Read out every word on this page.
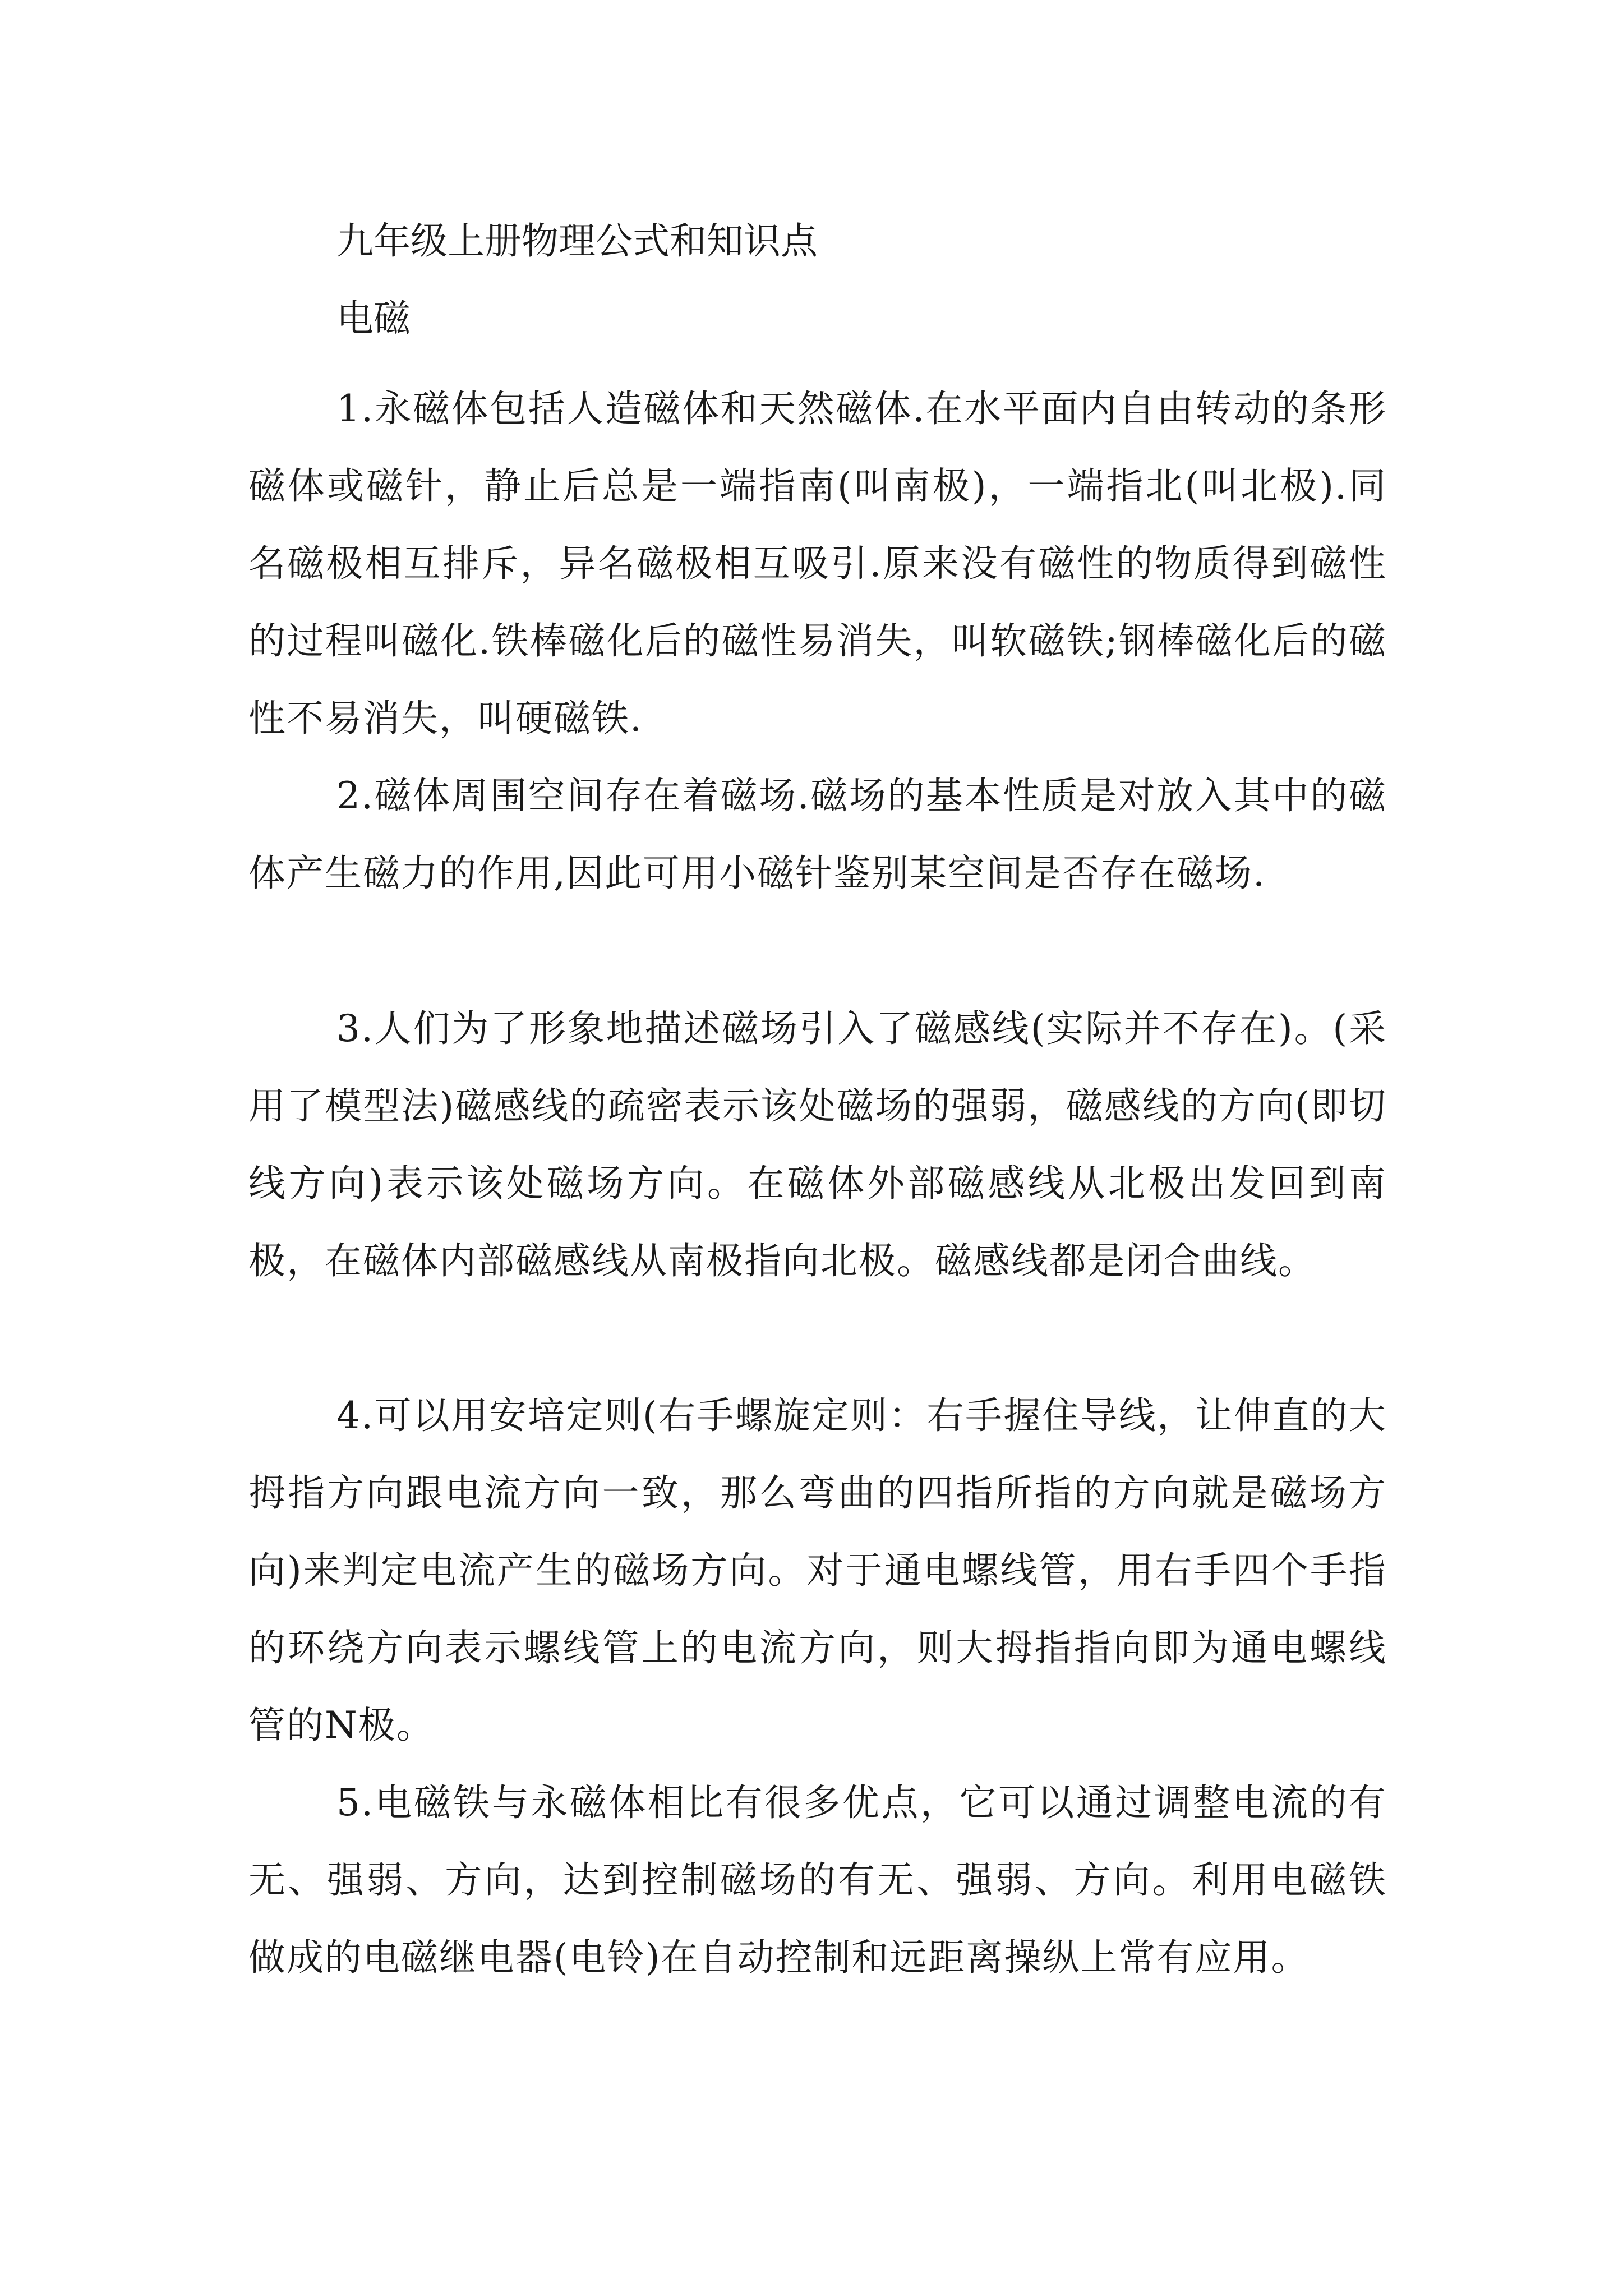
九年级上册物理公式和知识点
电磁

1.永磁体包括人造磁体和天然磁体.在水平面内自由转动的条形磁体或磁针，静止后总是一端指南(叫南极)，一端指北(叫北极).同名磁极相互排斥，异名磁极相互吸引.原来没有磁性的物质得到磁性的过程叫磁化.铁棒磁化后的磁性易消失，叫软磁铁;钢棒磁化后的磁性不易消失，叫硬磁铁.

2.磁体周围空间存在着磁场.磁场的基本性质是对放入其中的磁体产生磁力的作用,因此可用小磁针鉴别某空间是否存在磁场.

3.人们为了形象地描述磁场引入了磁感线(实际并不存在)。(采用了模型法)磁感线的疏密表示该处磁场的强弱，磁感线的方向(即切线方向)表示该处磁场方向。在磁体外部磁感线从北极出发回到南极，在磁体内部磁感线从南极指向北极。磁感线都是闭合曲线。

4.可以用安培定则(右手螺旋定则：右手握住导线，让伸直的大拇指方向跟电流方向一致，那么弯曲的四指所指的方向就是磁场方向)来判定电流产生的磁场方向。对于通电螺线管，用右手四个手指的环绕方向表示螺线管上的电流方向，则大拇指指向即为通电螺线管的N极。

5.电磁铁与永磁体相比有很多优点，它可以通过调整电流的有无、强弱、方向，达到控制磁场的有无、强弱、方向。利用电磁铁做成的电磁继电器(电铃)在自动控制和远距离操纵上常有应用。
